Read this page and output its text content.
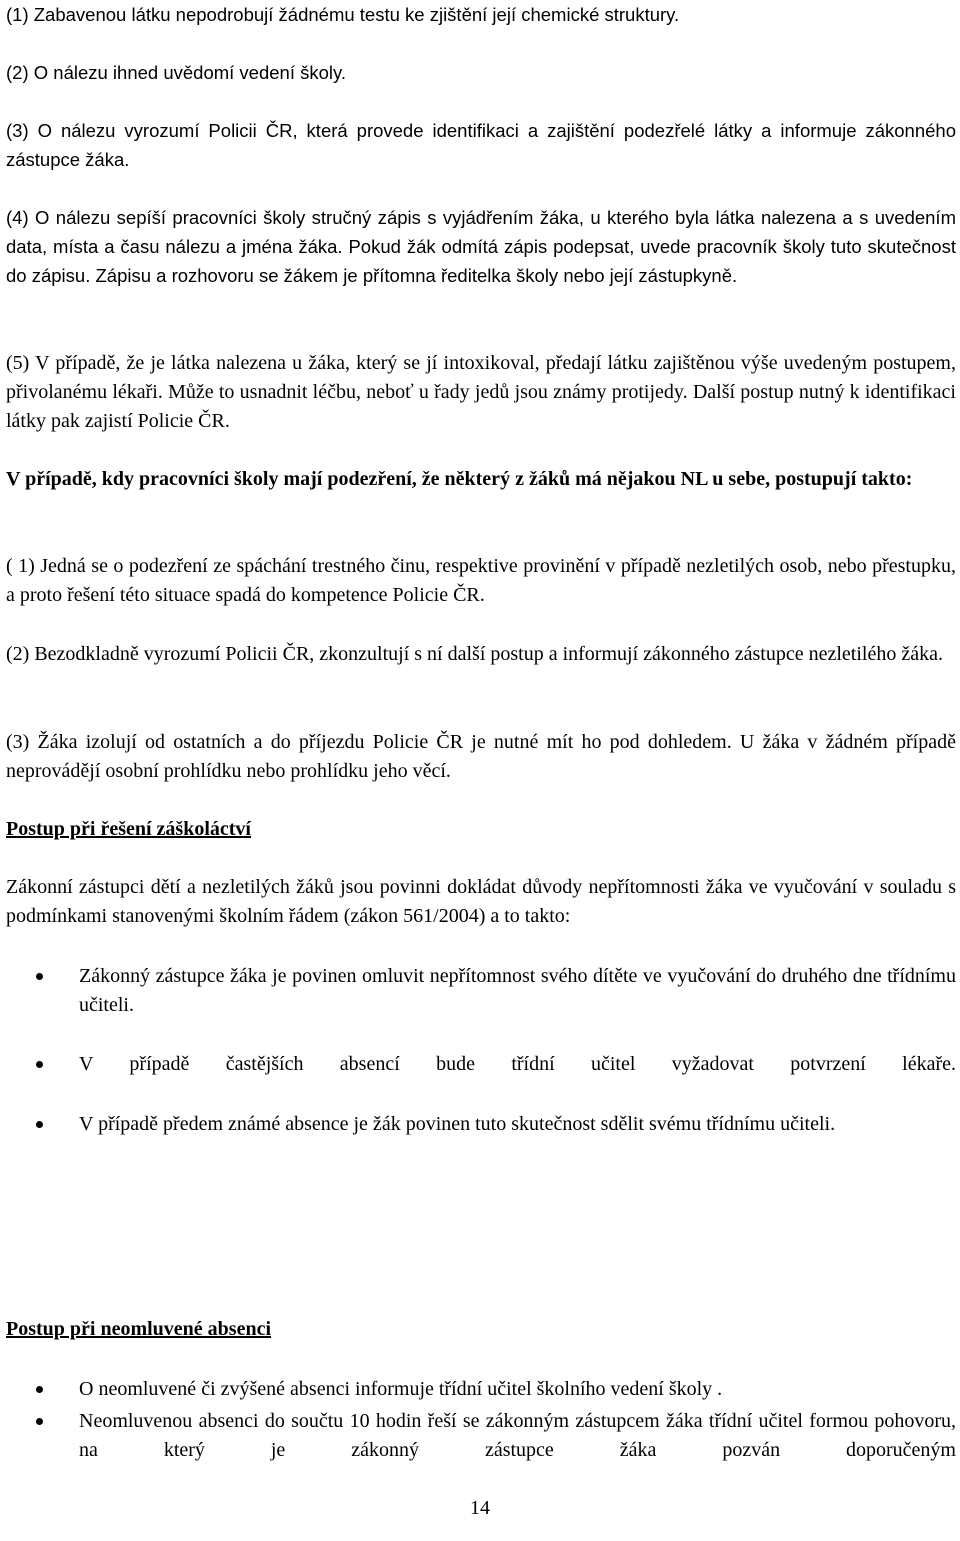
(1) Zabavenou látku nepodrobují žádnému testu ke zjištění její chemické struktury.

(2) O nálezu ihned uvědomí vedení školy.

(3) O nálezu vyrozumí Policii ČR, která provede identifikaci a zajištění podezřelé látky a informuje zákonného zástupce žáka.

(4) O nálezu sepíší pracovníci školy stručný zápis s vyjádřením žáka, u kterého byla látka nalezena a s uvedením data, místa a času nálezu a jména žáka. Pokud žák odmítá zápis podepsat, uvede pracovník školy tuto skutečnost do zápisu. Zápisu a rozhovoru se žákem je přítomna ředitelka školy nebo její zástupkyně.

(5) V případě, že je látka nalezena u žáka, který se jí intoxikoval, předají látku zajištěnou výše uvedeným postupem, přivolanému lékaři. Může to usnadnit léčbu, neboť u řady jedů jsou známy protijedy. Další postup nutný k identifikaci látky pak zajistí Policie ČR.

V případě, kdy pracovníci školy mají podezření, že některý z žáků má nějakou NL u sebe, postupují takto:

( 1) Jedná se o podezření ze spáchání trestného činu, respektive provinění v případě nezletilých osob, nebo přestupku, a proto řešení této situace spadá do kompetence Policie ČR.

(2) Bezodkladně vyrozumí Policii ČR, zkonzultují s ní další postup a informují zákonného zástupce nezletilého žáka.

(3) Žáka izolují od ostatních a do příjezdu Policie ČR je nutné mít ho pod dohledem. U žáka v žádném případě neprovádějí osobní prohlídku nebo prohlídku jeho věcí.

Postup při řešení záškoláctví

Zákonní zástupci dětí a nezletilých žáků jsou povinni dokládat důvody nepřítomnosti žáka ve vyučování v souladu s podmínkami stanovenými školním řádem (zákon 561/2004) a to takto:

Zákonný zástupce žáka je povinen omluvit nepřítomnost svého dítěte ve vyučování do druhého dne třídnímu učiteli.

V případě častějších absencí bude třídní učitel vyžadovat potvrzení lékaře.

V případě předem známé absence je žák povinen tuto skutečnost sdělit svému třídnímu učiteli.

Postup při neomluvené absenci

O neomluvené či zvýšené absenci informuje třídní učitel školního vedení školy .

Neomluvenou absenci do součtu 10 hodin řeší se zákonným zástupcem žáka třídní učitel formou pohovoru, na který je zákonný zástupce žáka pozván doporučeným

14
